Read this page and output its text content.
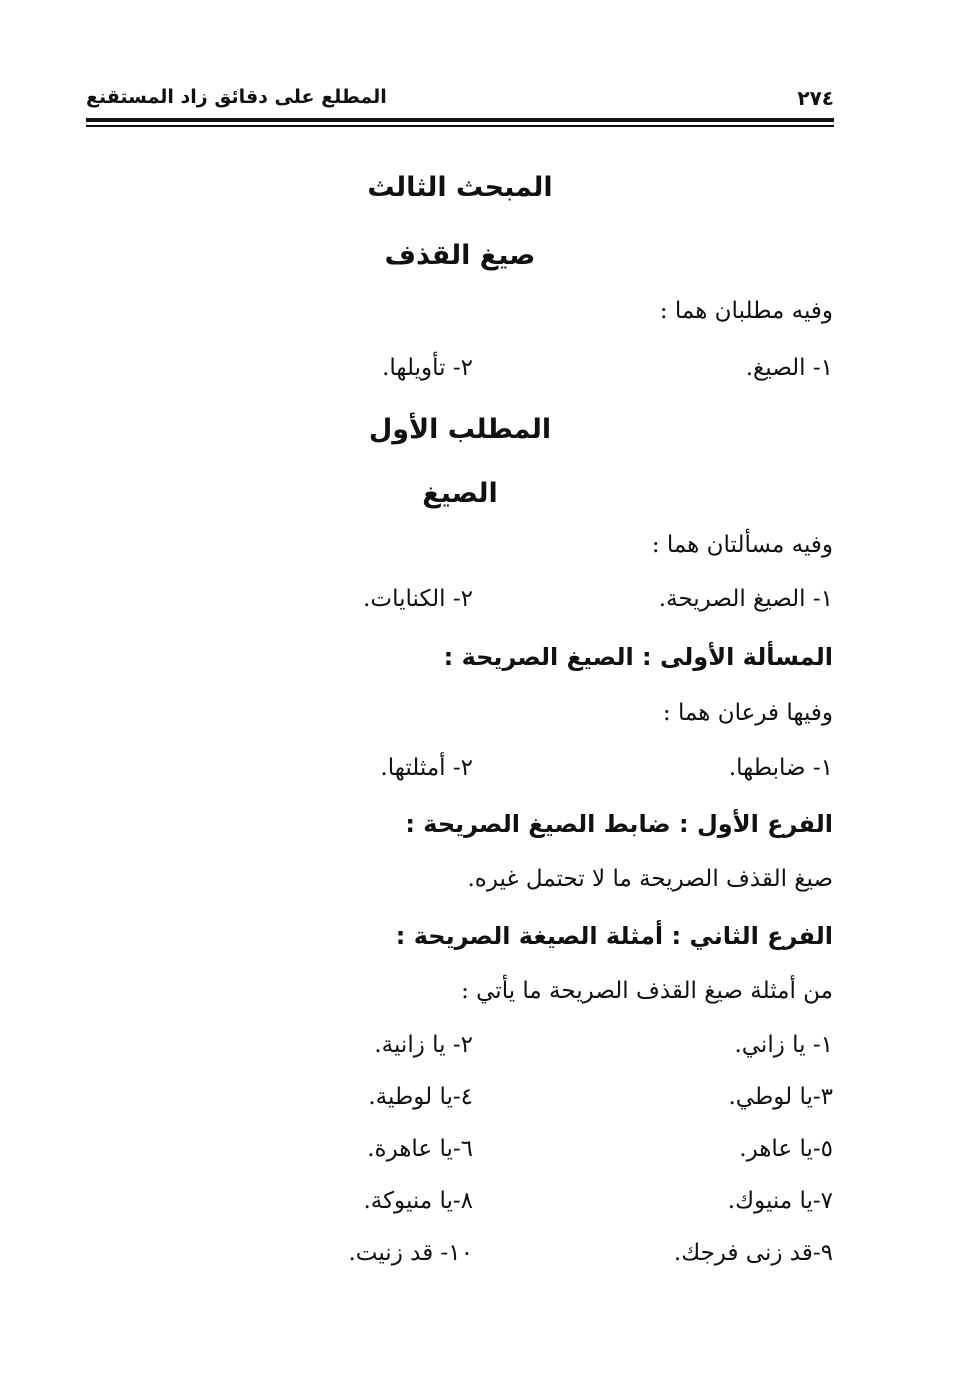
٢٧٤
المطلع على دقائق زاد المستقنع
المبحث الثالث
صيغ القذف
وفيه مطلبان هما :
١- الصيغ.
٢- تأويلها.
المطلب الأول
الصيغ
وفيه مسألتان هما :
١- الصيغ الصريحة.
٢- الكنايات.
المسألة الأولى : الصيغ الصريحة :
وفيها فرعان هما :
١- ضابطها.
٢- أمثلتها.
الفرع الأول : ضابط الصيغ الصريحة :
صيغ القذف الصريحة ما لا تحتمل غيره.
الفرع الثاني : أمثلة الصيغة الصريحة :
من أمثلة صيغ القذف الصريحة ما يأتي :
١- يا زاني.
٢- يا زانية.
٣-يا لوطي.
٤-يا لوطية.
٥-يا عاهر.
٦-يا عاهرة.
٧-يا منيوك.
٨-يا منيوكة.
٩-قد زنى فرجك.
١٠- قد زنيت.
